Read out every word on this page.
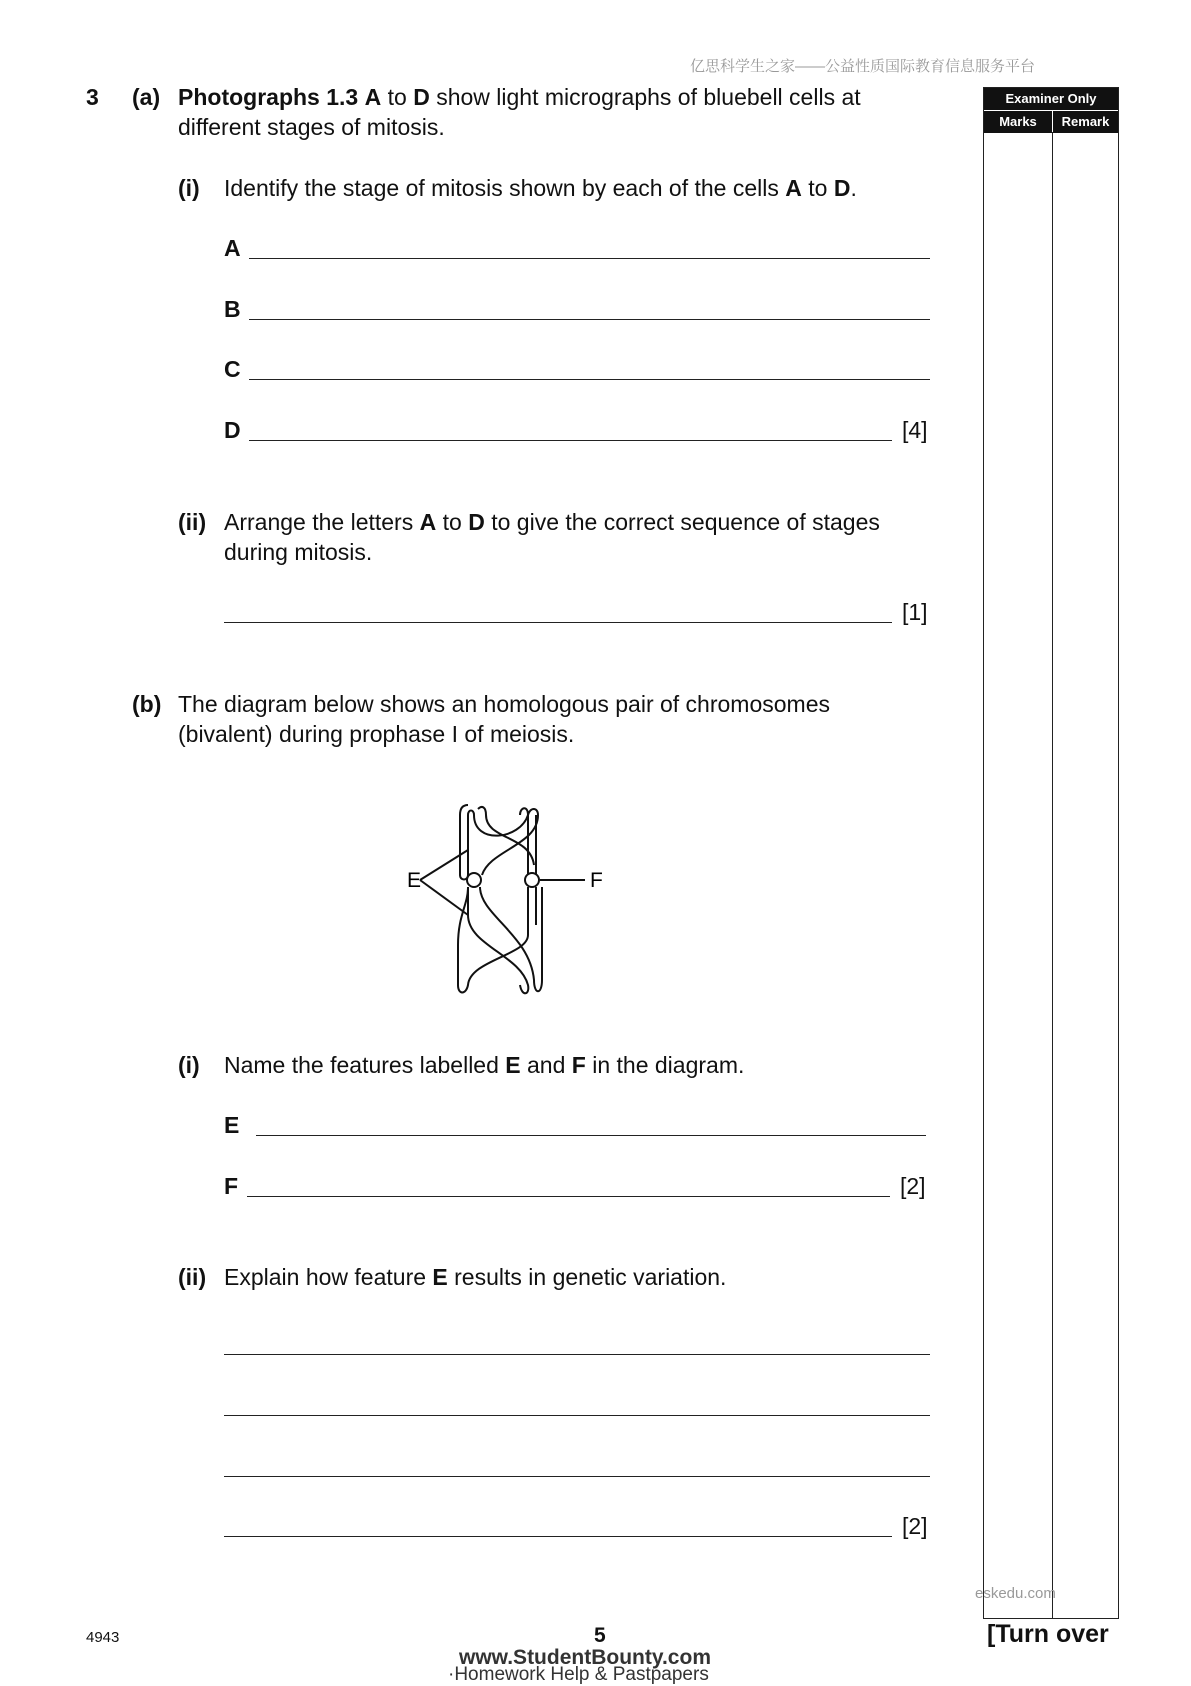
亿思科学生之家——公益性质国际教育信息服务平台
Examiner Only
Marks	Remark
3 (a) Photographs 1.3 A to D show light micrographs of bluebell cells at
different stages of mitosis.
(i) Identify the stage of mitosis shown by each of the cells A to D.
A
B
C
D	[4]
(ii) Arrange the letters A to D to give the correct sequence of stages
during mitosis.
[1]
(b) The diagram below shows an homologous pair of chromosomes
(bivalent) during prophase I of meiosis.
E	F
(i) Name the features labelled E and F in the diagram.
E
F	[2]
(ii) Explain how feature E results in genetic variation.
[2]
eskedu.com
4943	5	[Turn over
www.StudentBounty.com
·Homework Help & Pastpapers
